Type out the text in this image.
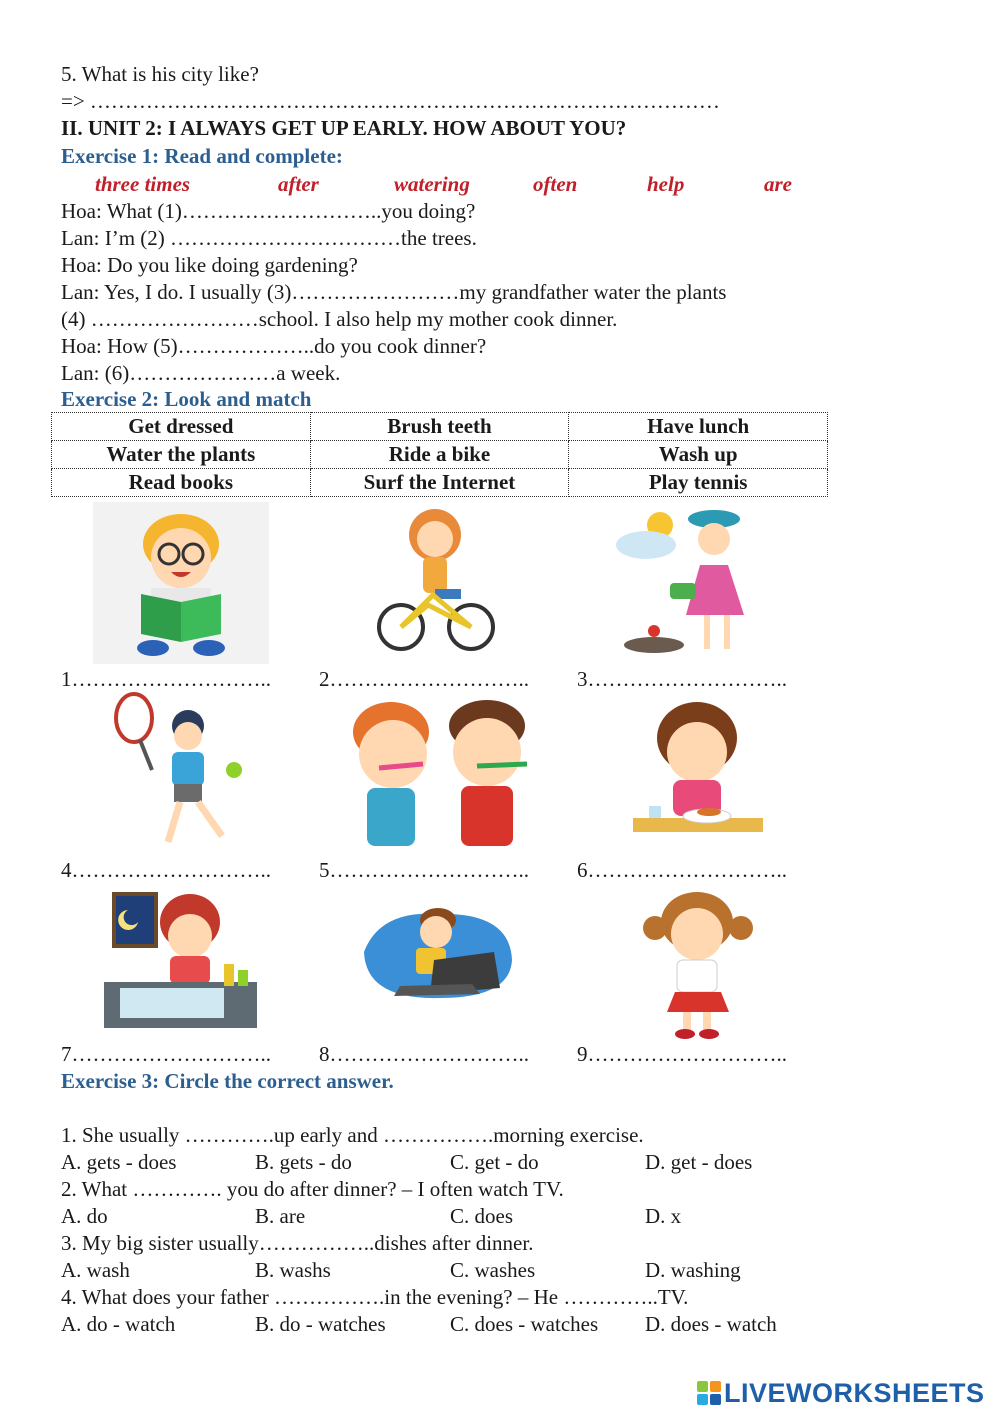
5. What is his city like?
=> ………………………………………………………………………………
II. UNIT 2: I ALWAYS GET UP EARLY. HOW ABOUT YOU?
Exercise 1: Read and complete:
three times	after	watering	often	help	are
Hoa: What (1)………………………..you doing?
Lan: I’m (2) ……………………………the trees.
Hoa: Do you like doing gardening?
Lan: Yes, I do. I usually (3)……………………my grandfather water the plants
(4) ……………………school. I also help my mother cook dinner.
Hoa: How (5)………………..do you cook dinner?
Lan: (6)…………………a week.
Exercise 2: Look and match
Get dressed	Brush teeth	Have lunch
Water the plants	Ride a bike	Wash up
Read books	Surf the Internet	Play tennis
1……………………….. 2……………………….. 3………………………..
4……………………….. 5……………………….. 6………………………..
7……………………….. 8……………………….. 9………………………..
Exercise 3: Circle the correct answer.
1. She usually ………….up early and …………….morning exercise.
A. gets - does	B. gets - do	C. get - do	D. get - does
2. What …………. you do after dinner? – I often watch TV.
A. do	B. are	C. does	D. x
3. My big sister usually……………..dishes after dinner.
A. wash	B. washs	C. washes	D. washing
4. What does your father …………….in the evening? – He …………..TV.
A. do - watch	B. do - watches	C. does - watches D. does - watch
LIVEWORKSHEETS
